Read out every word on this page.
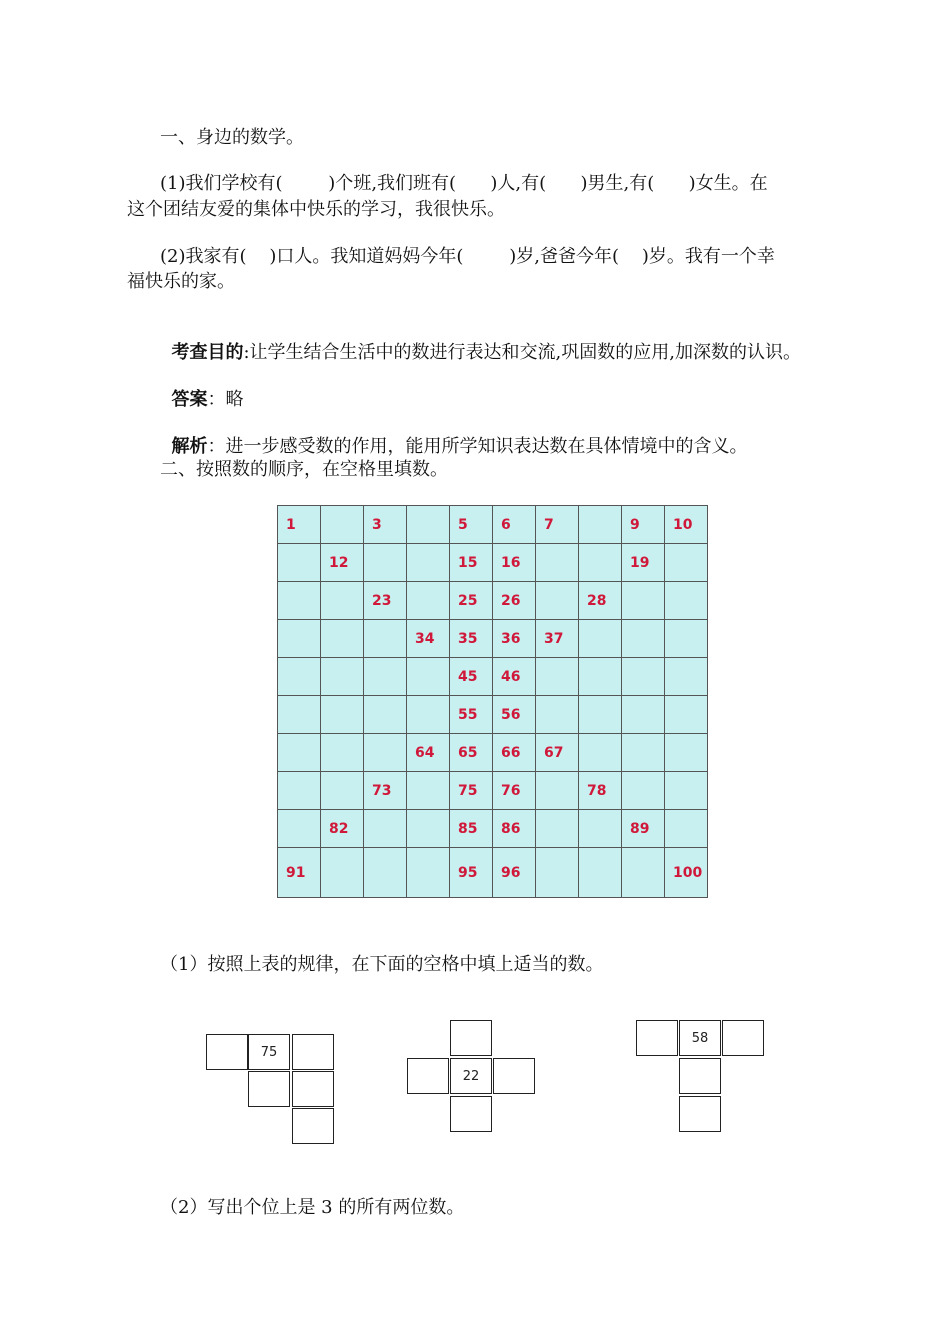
一、身边的数学。
(1)我们学校有(        )个班,我们班有(      )人,有(      )男生,有(      )女生。在
这个团结友爱的集体中快乐的学习，我很快乐。
(2)我家有(    )口人。我知道妈妈今年(        )岁,爸爸今年(    )岁。我有一个幸
福快乐的家。

考查目的:让学生结合生活中的数进行表达和交流,巩固数的应用,加深数的认识。

答案：略

解析：进一步感受数的作用，能用所学知识表达数在具体情境中的含义。

二、按照数的顺序，在空格里填数。
1		3		5	6	7		9	10
	12			15	16			19	
		23		25	26		28		
			34	35	36	37			
				45	46				
				55	56				
			64	65	66	67			
		73		75	76		78		
	82			85	86			89	
91				95	96				100
（1）按照上表的规律，在下面的空格中填上适当的数。
75
22
58
（2）写出个位上是 3 的所有两位数。
